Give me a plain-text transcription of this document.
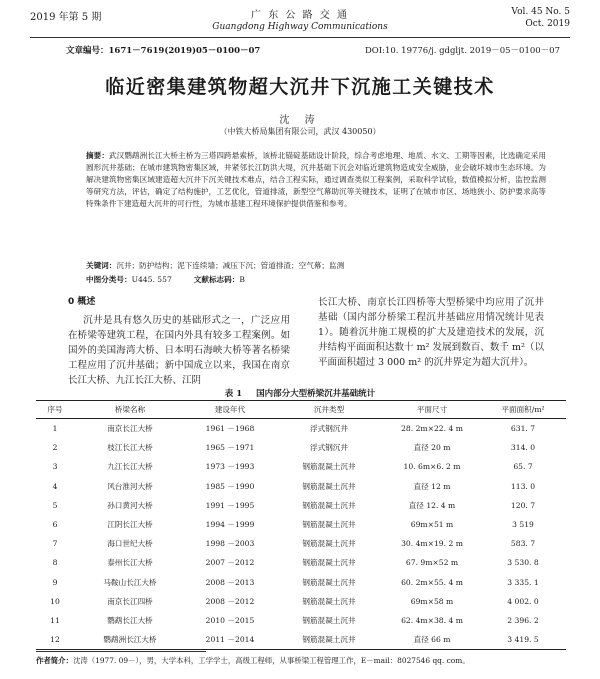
2019 年第 5 期	广 东 公 路 交 通
Guangdong Highway Communications
Vol. 45 No. 5
Oct. 2019
文章编号：1671－7619(2019)05－0100－07	DOI:10. 19776/j. gdgljt. 2019－05－0100－07
临近密集建筑物超大沉井下沉施工关键技术
沈 涛
（中铁大桥局集团有限公司，武汉 430050）
摘要：武汉鹦鹉洲长江大桥主桥为三塔四跨悬索桥，该桥北锚碇基础设计阶段，综合考虑地理、地质、水文、工期等因素，比选确定采用圆形沉井基础；在城市建筑物密集区域，井紧邻长江防洪大堤，沉井基础下沉会对临近建筑物造成安全威胁，业会破坏城市生态环境。为解决建筑物密集区域建造超大沉井下沉关键技术难点，结合工程实际，通过调查类似工程案例，采取科学试验，数值模拟分析，监控监测等研究方法，评估，确定了结构施护，工艺优化，管道排渣，新型空气幕助沉等关键技术，证明了在城市市区、场地狭小、防护要求高等特殊条件下建造超大沉井的可行性，为城市基建工程环境保护提供借鉴和参考。
关键词：沉井；防护结构；泥下连续墙；减压下沉；管道排渣；空气幕；监测
中图分类号：U445. 557	文献标志码：B
0 概述
沉井是具有悠久历史的基础形式之一，广泛应用在桥梁等建筑工程，在国内外具有较多工程案例。如国外的美国海湾大桥、日本明石海峡大桥等著名桥梁工程应用了沉井基础；新中国成立以来，我国在南京长江大桥、九江长江大桥、江阴
长江大桥、南京长江四桥等大型桥梁中均应用了沉井基础（国内部分桥梁工程沉井基础应用情况统计见表1）。随着沉井施工规模的扩大及建造技术的发展，沉井结构平面面积达数十 m² 发展到数百、数千 m²（以平面面积超过 3 000 m² 的沉井界定为超大沉井）。
表 1 国内部分大型桥梁沉井基础统计
序号	桥梁名称	建设年代	沉井类型	平面尺寸	平面面积/m²
1	南京长江大桥	1961 －1968	浮式钢沉井	28. 2m×22. 4 m	631. 7
2	枝江长江大桥	1965 －1971	浮式钢沉井	直径 20 m	314. 0
3	九江长江大桥	1973 －1993	钢筋混凝土沉井	10. 6m×6. 2 m	65. 7
4	风台淮河大桥	1985 －1990	钢筋混凝土沉井	直径 12 m	113. 0
5	孙口黄河大桥	1991 －1995	钢筋混凝土沉井	直径 12. 4 m	120. 7
6	江阴长江大桥	1994 －1999	钢筋混凝土沉井	69m×51 m	3 519
7	海口世纪大桥	1998 －2003	钢筋混凝土沉井	30. 4m×19. 2 m	583. 7
8	泰州长江大桥	2007 －2012	钢筋混凝土沉井	67. 9m×52 m	3 530. 8
9	马鞍山长江大桥	2008 －2013	钢筋混凝土沉井	60. 2m×55. 4 m	3 335. 1
10	南京长江四桥	2008 －2012	钢筋混凝土沉井	69m×58 m	4 002. 0
11	鹦鹉长江大桥	2010 －2015	钢筋混凝土沉井	62. 4m×38. 4 m	2 396. 2
12	鹦鹉洲长江大桥	2011 －2014	钢筋混凝土沉井	直径 66 m	3 419. 5
作者简介：沈涛（1977. 09－），男，大学本科，工学学士，高级工程师，从事桥梁工程管理工作，E－mail：8027546 qq. com。
